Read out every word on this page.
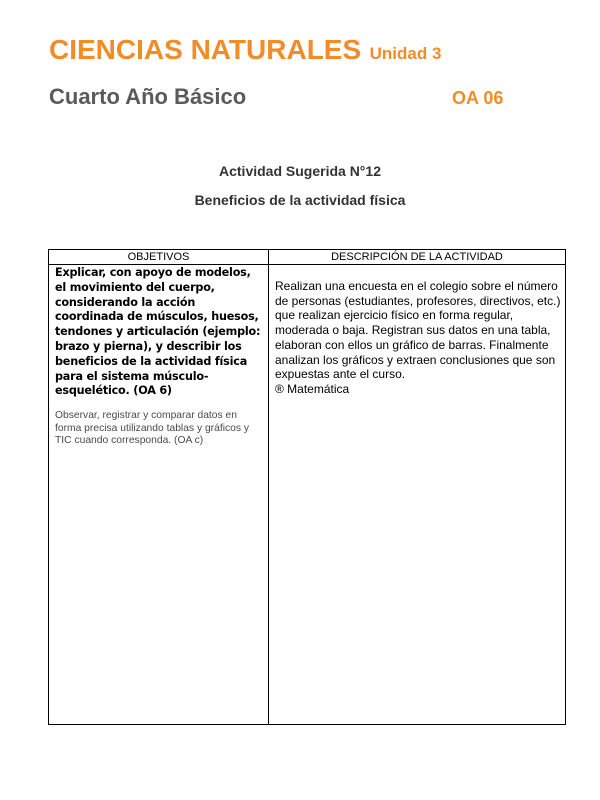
CIENCIAS NATURALES Unidad 3
Cuarto Año Básico	OA 06
Actividad Sugerida N°12
Beneficios de la actividad física
OBJETIVOS	DESCRIPCIÓN DE LA ACTIVIDAD

Explicar, con apoyo de modelos, el movimiento del cuerpo, considerando la acción coordinada de músculos, huesos, tendones y articulación (ejemplo: brazo y pierna), y describir los beneficios de la actividad física para el sistema músculo-esquelético. (OA 6)

Observar, registrar y comparar datos en forma precisa utilizando tablas y gráficos y TIC cuando corresponda. (OA c)

Realizan una encuesta en el colegio sobre el número de personas (estudiantes, profesores, directivos, etc.) que realizan ejercicio físico en forma regular, moderada o baja. Registran sus datos en una tabla, elaboran con ellos un gráfico de barras. Finalmente analizan los gráficos y extraen conclusiones que son expuestas ante el curso.

® Matemática
